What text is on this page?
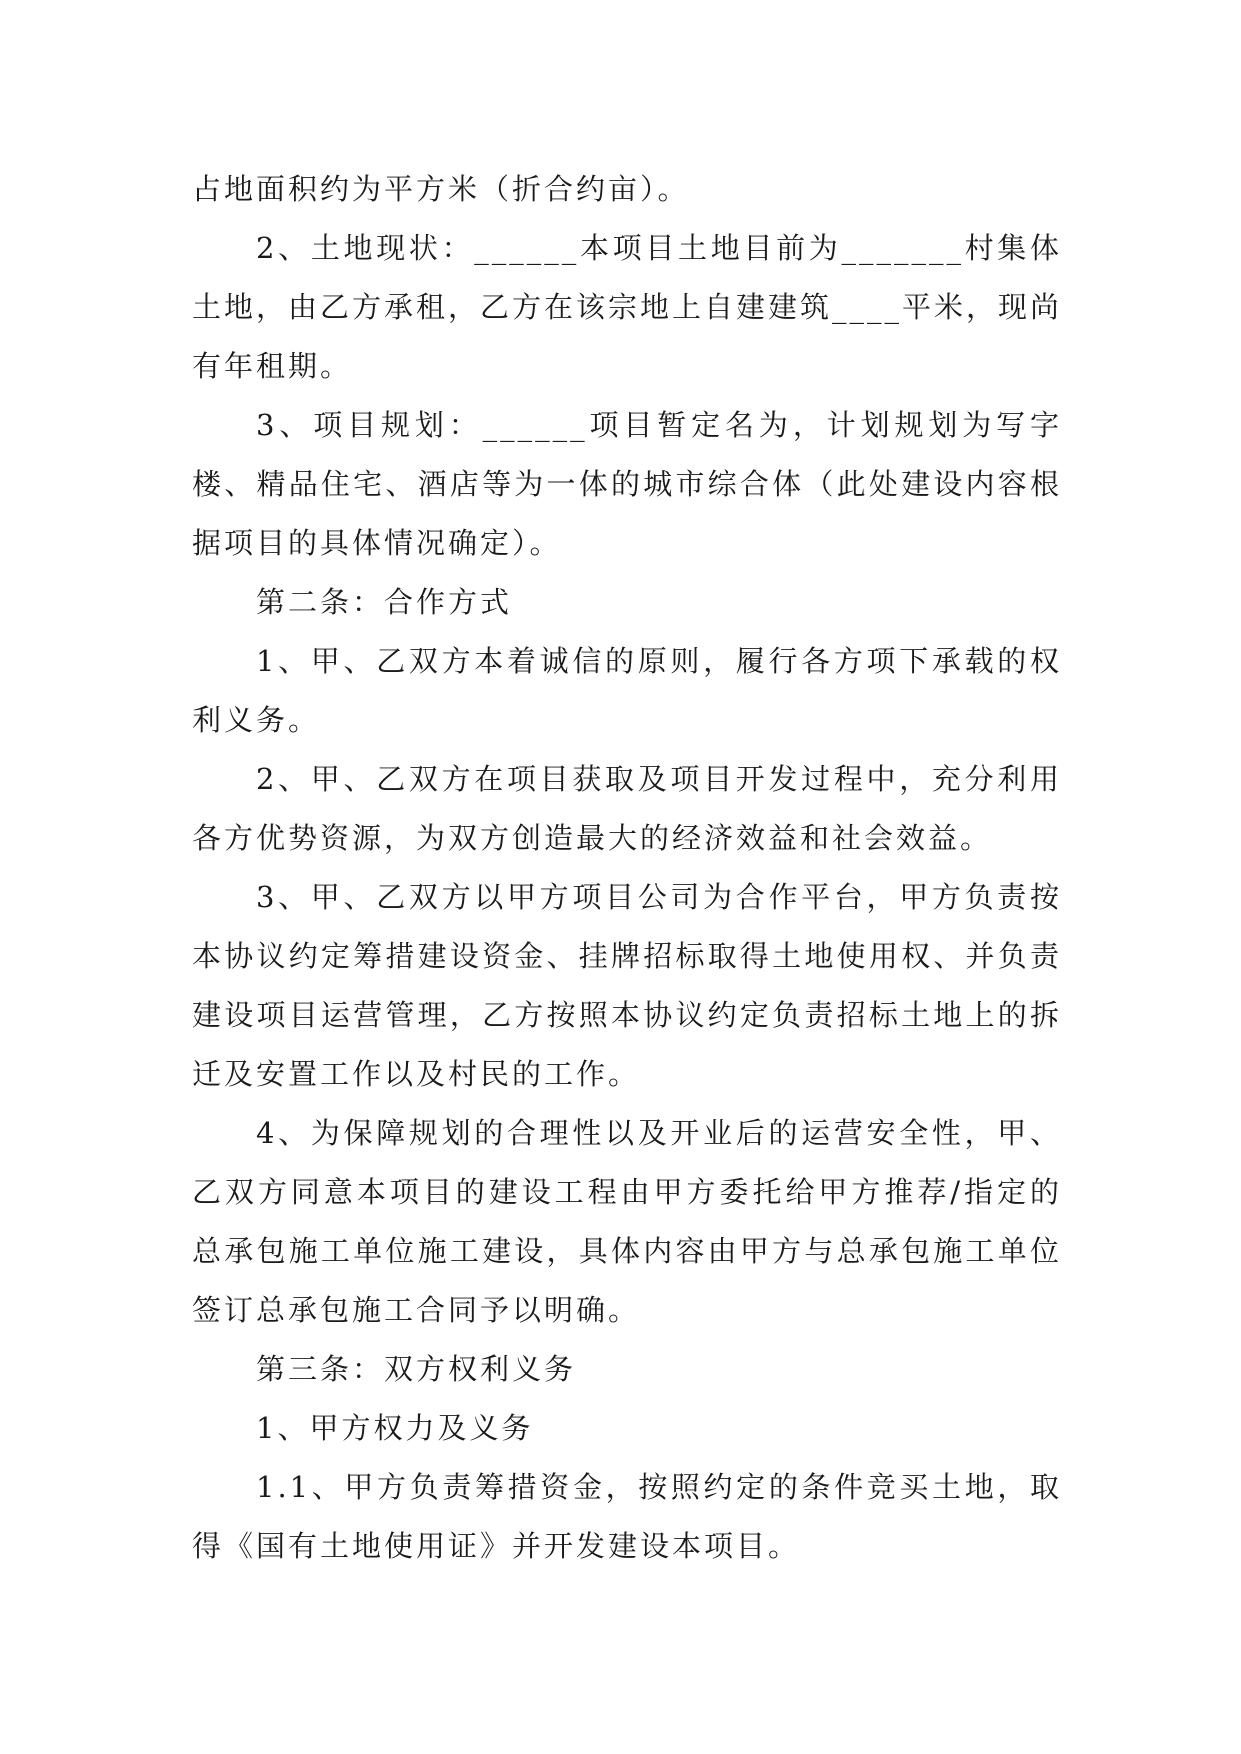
占地面积约为平方米（折合约亩）。

2、土地现状：______本项目土地目前为_______村集体土地，由乙方承租，乙方在该宗地上自建建筑____平米，现尚有年租期。

3、项目规划：______项目暂定名为，计划规划为写字楼、精品住宅、酒店等为一体的城市综合体（此处建设内容根据项目的具体情况确定）。

第二条：合作方式

1、甲、乙双方本着诚信的原则，履行各方项下承载的权利义务。

2、甲、乙双方在项目获取及项目开发过程中，充分利用各方优势资源，为双方创造最大的经济效益和社会效益。

3、甲、乙双方以甲方项目公司为合作平台，甲方负责按本协议约定筹措建设资金、挂牌招标取得土地使用权、并负责建设项目运营管理，乙方按照本协议约定负责招标土地上的拆迁及安置工作以及村民的工作。

4、为保障规划的合理性以及开业后的运营安全性，甲、乙双方同意本项目的建设工程由甲方委托给甲方推荐/指定的总承包施工单位施工建设，具体内容由甲方与总承包施工单位签订总承包施工合同予以明确。

第三条：双方权利义务

1、甲方权力及义务

1.1、甲方负责筹措资金，按照约定的条件竞买土地，取得《国有土地使用证》并开发建设本项目。
